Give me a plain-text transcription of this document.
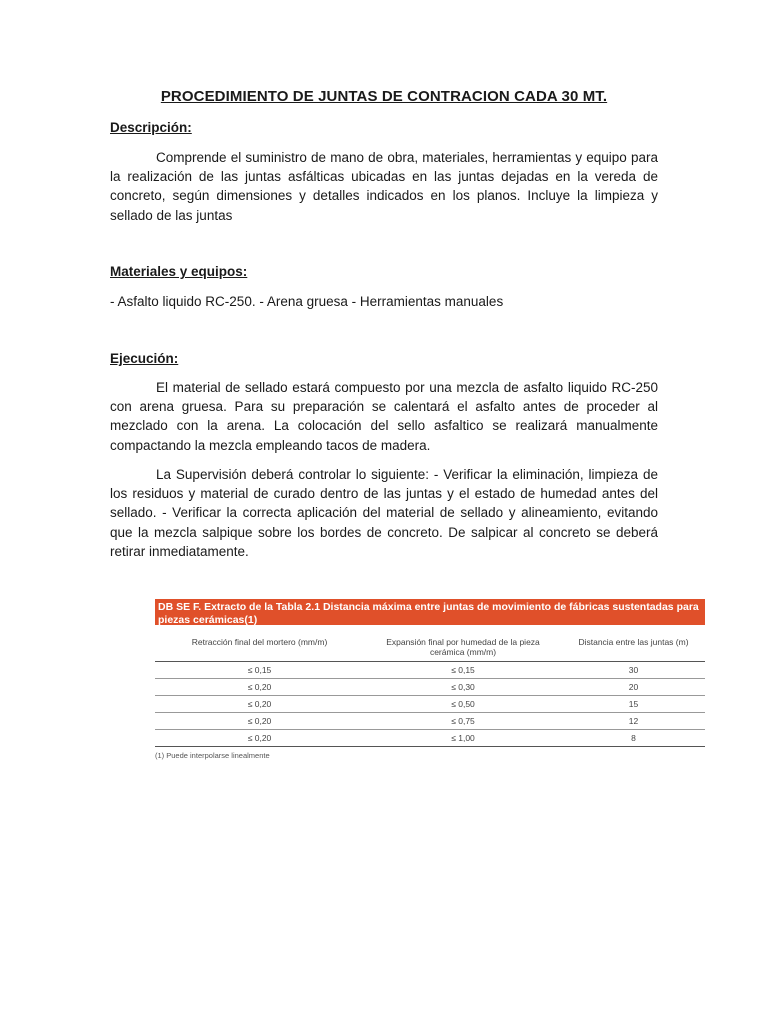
PROCEDIMIENTO DE JUNTAS DE CONTRACION CADA 30 MT.
Descripción:

Comprende el suministro de mano de obra, materiales, herramientas y equipo para la realización de las juntas asfálticas ubicadas en las juntas dejadas en la vereda de concreto, según dimensiones y detalles indicados en los planos. Incluye la limpieza y sellado de las juntas

Materiales y equipos:
- Asfalto liquido RC-250. - Arena gruesa - Herramientas manuales
Ejecución:

El material de sellado estará compuesto por una mezcla de asfalto liquido RC-250 con arena gruesa. Para su preparación se calentará el asfalto antes de proceder al mezclado con la arena. La colocación del sello asfaltico se realizará manualmente compactando la mezcla empleando tacos de madera.

La Supervisión deberá controlar lo siguiente: - Verificar la eliminación, limpieza de los residuos y material de curado dentro de las juntas y el estado de humedad antes del sellado. - Verificar la correcta aplicación del material de sellado y alineamiento, evitando que la mezcla salpique sobre los bordes de concreto. De salpicar al concreto se deberá retirar inmediatamente.

DB SE F. Extracto de la Tabla 2.1 Distancia máxima entre juntas de movimiento de fábricas sustentadas para piezas cerámicas(1)
Retracción final del mortero (mm/m)	Expansión final por humedad de la pieza cerámica (mm/m)	Distancia entre las juntas (m)
≤ 0,15	≤ 0,15	30
≤ 0,20	≤ 0,30	20
≤ 0,20	≤ 0,50	15
≤ 0,20	≤ 0,75	12
≤ 0,20	≤ 1,00	8
(1) Puede interpolarse linealmente
